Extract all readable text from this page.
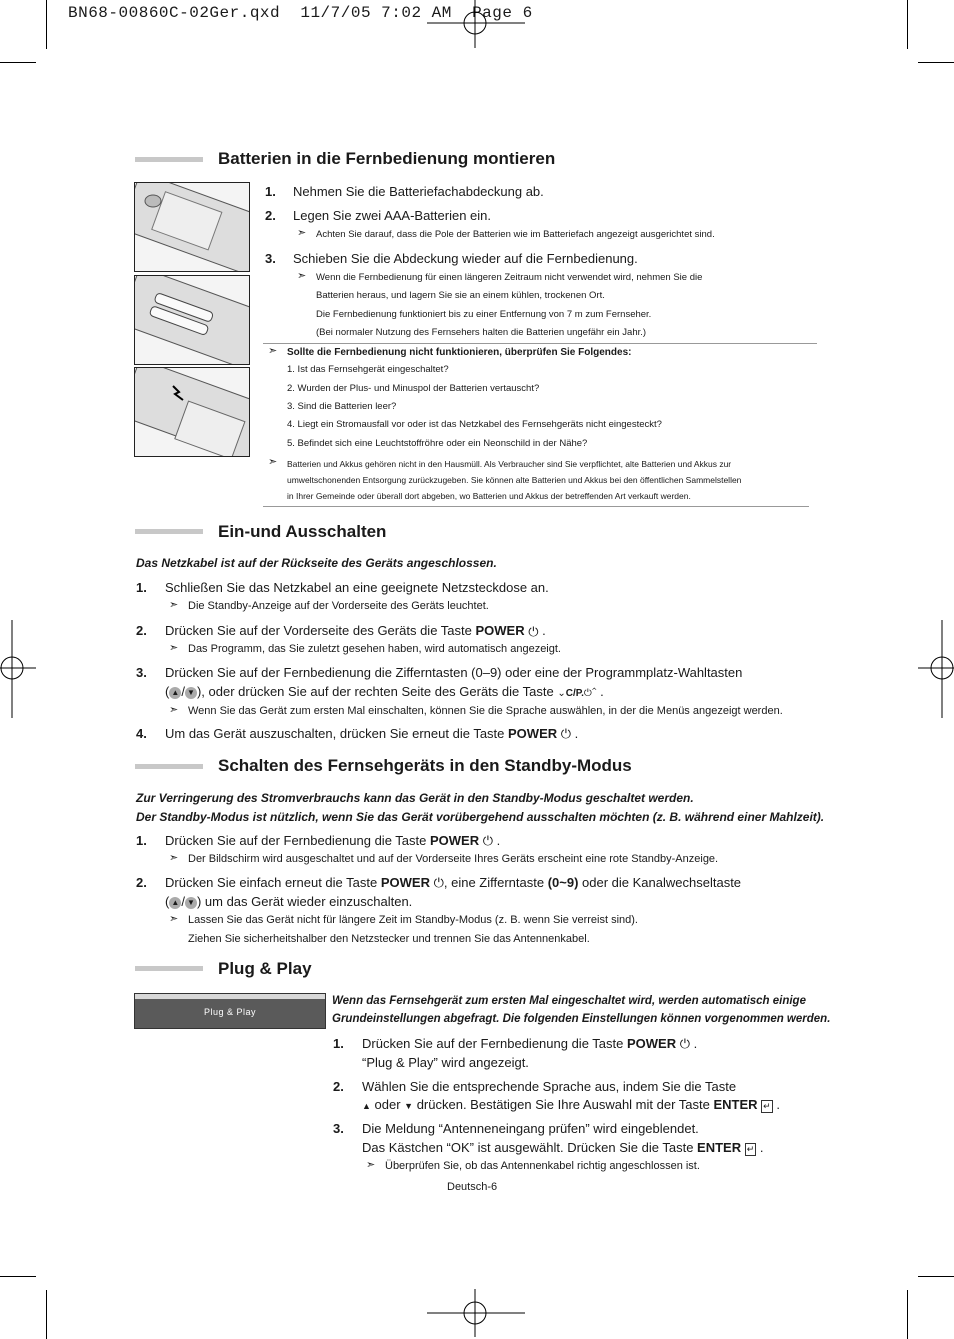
BN68-00860C-02Ger.qxd  11/7/05 7:02 AM  Page 6
Batterien in die Fernbedienung montieren
1. Nehmen Sie die Batteriefachabdeckung ab.
2. Legen Sie zwei AAA-Batterien ein.
➣ Achten Sie darauf, dass die Pole der Batterien wie im Batteriefach angezeigt ausgerichtet sind.
3. Schieben Sie die Abdeckung wieder auf die Fernbedienung.
➣ Wenn die Fernbedienung für einen längeren Zeitraum nicht verwendet wird, nehmen Sie die
Batterien heraus, und lagern Sie sie an einem kühlen, trockenen Ort.
Die Fernbedienung funktioniert bis zu einer Entfernung von 7 m zum Fernseher.
(Bei normaler Nutzung des Fernsehers halten die Batterien ungefähr ein Jahr.)
➣ Sollte die Fernbedienung nicht funktionieren, überprüfen Sie Folgendes:
1. Ist das Fernsehgerät eingeschaltet?
2. Wurden der Plus- und Minuspol der Batterien vertauscht?
3. Sind die Batterien leer?
4. Liegt ein Stromausfall vor oder ist das Netzkabel des Fernsehgeräts nicht eingesteckt?
5. Befindet sich eine Leuchtstoffröhre oder ein Neonschild in der Nähe?
➣ Batterien und Akkus gehören nicht in den Hausmüll. Als Verbraucher sind Sie verpflichtet, alte Batterien und Akkus zur
umweltschonenden Entsorgung zurückzugeben. Sie können alte Batterien und Akkus bei den öffentlichen Sammelstellen
in Ihrer Gemeinde oder überall dort abgeben, wo Batterien und Akkus der betreffenden Art verkauft werden.
Ein-und Ausschalten
Das Netzkabel ist auf der Rückseite des Geräts angeschlossen.
1. Schließen Sie das Netzkabel an eine geeignete Netzsteckdose an.
➣ Die Standby-Anzeige auf der Vorderseite des Geräts leuchtet.
2. Drücken Sie auf der Vorderseite des Geräts die Taste POWER ⏻ .
➣ Das Programm, das Sie zuletzt gesehen haben, wird automatisch angezeigt.
3. Drücken Sie auf der Fernbedienung die Zifferntasten (0–9) oder eine der Programmplatz-Wahltasten
( ▲ / ▼ ), oder drücken Sie auf der rechten Seite des Geräts die Taste ⌄C/P.⏻⌃ .
➣ Wenn Sie das Gerät zum ersten Mal einschalten, können Sie die Sprache auswählen, in der die Menüs angezeigt werden.
4. Um das Gerät auszuschalten, drücken Sie erneut die Taste POWER ⏻ .
Schalten des Fernsehgeräts in den Standby-Modus
Zur Verringerung des Stromverbrauchs kann das Gerät in den Standby-Modus geschaltet werden.
Der Standby-Modus ist nützlich, wenn Sie das Gerät vorübergehend ausschalten möchten (z. B. während einer Mahlzeit).
1. Drücken Sie auf der Fernbedienung die Taste POWER ⏻ .
➣ Der Bildschirm wird ausgeschaltet und auf der Vorderseite Ihres Geräts erscheint eine rote Standby-Anzeige.
2. Drücken Sie einfach erneut die Taste POWER ⏻, eine Zifferntaste (0~9) oder die Kanalwechseltaste
( ▲ / ▼ ) um das Gerät wieder einzuschalten.
➣ Lassen Sie das Gerät nicht für längere Zeit im Standby-Modus (z. B. wenn Sie verreist sind).
Ziehen Sie sicherheitshalber den Netzstecker und trennen Sie das Antennenkabel.
Plug & Play
Plug & Play
Wenn das Fernsehgerät zum ersten Mal eingeschaltet wird, werden automatisch einige
Grundeinstellungen abgefragt. Die folgenden Einstellungen können vorgenommen werden.
1. Drücken Sie auf der Fernbedienung die Taste POWER ⏻ .
“Plug & Play” wird angezeigt.
2. Wählen Sie die entsprechende Sprache aus, indem Sie die Taste
▲ oder ▼ drücken. Bestätigen Sie Ihre Auswahl mit der Taste ENTER ↵ .
3. Die Meldung “Antenneneingang prüfen” wird eingeblendet.
Das Kästchen “OK” ist ausgewählt. Drücken Sie die Taste ENTER ↵ .
➣ Überprüfen Sie, ob das Antennenkabel richtig angeschlossen ist.
Deutsch-6
